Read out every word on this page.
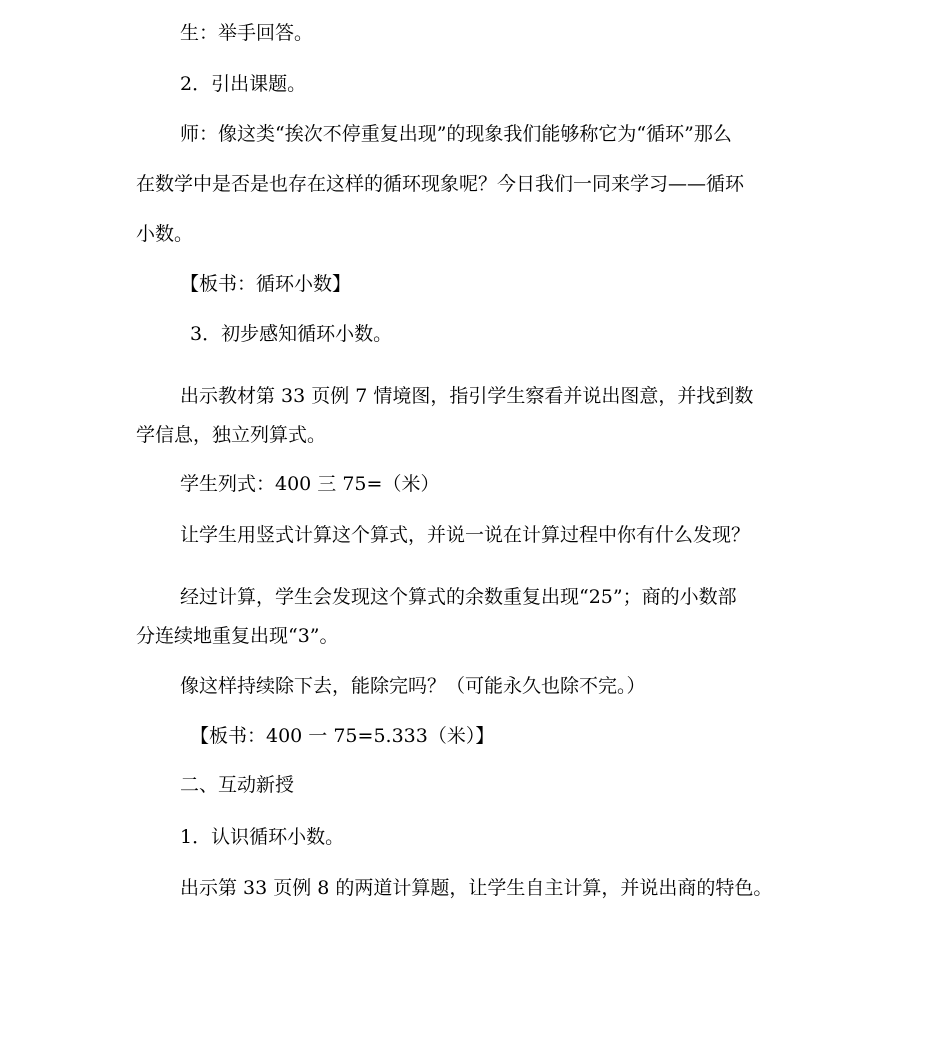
生：举手回答。
2．引出课题。
师：像这类“挨次不停重复出现”的现象我们能够称它为“循环”那么
在数学中是否是也存在这样的循环现象呢？今日我们一同来学习——循环
小数。
【板书：循环小数】
3．初步感知循环小数。
出示教材第 33 页例 7 情境图，指引学生察看并说出图意，并找到数
学信息，独立列算式。
学生列式：400 三 75=（米）
让学生用竖式计算这个算式，并说一说在计算过程中你有什么发现？
经过计算，学生会发现这个算式的余数重复出现“25”；商的小数部
分连续地重复出现“3”。
像这样持续除下去，能除完吗？（可能永久也除不完。）
【板书：400 一 75=5.333（米）】
二、互动新授
1．认识循环小数。
出示第 33 页例 8 的两道计算题，让学生自主计算，并说出商的特色。
